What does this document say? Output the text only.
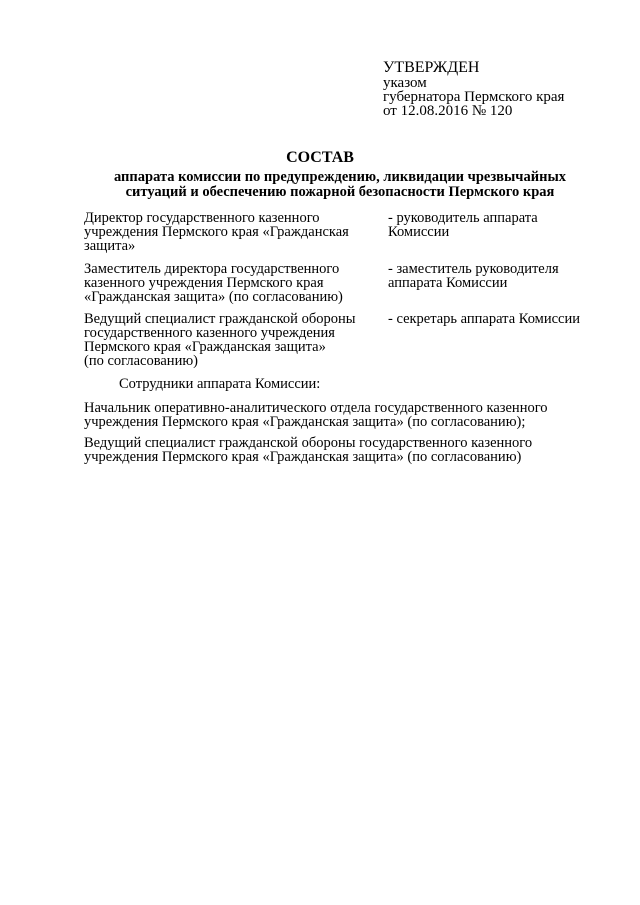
УТВЕРЖДЕН
указом
губернатора Пермского края
от 12.08.2016 № 120
СОСТАВ
аппарата комиссии по предупреждению, ликвидации чрезвычайных
ситуаций и обеспечению пожарной безопасности Пермского края
Директор государственного казенного
учреждения Пермского края «Гражданская
защита»
- руководитель аппарата
Комиссии
Заместитель директора государственного
казенного учреждения Пермского края
«Гражданская защита» (по согласованию)
- заместитель руководителя
аппарата Комиссии
Ведущий специалист гражданской обороны
государственного казенного учреждения
Пермского края «Гражданская защита»
(по согласованию)
- секретарь аппарата Комиссии
Сотрудники аппарата Комиссии:
Начальник оперативно-аналитического отдела государственного казенного
учреждения Пермского края «Гражданская защита» (по согласованию);
Ведущий специалист гражданской обороны государственного казенного
учреждения Пермского края «Гражданская защита» (по согласованию)
